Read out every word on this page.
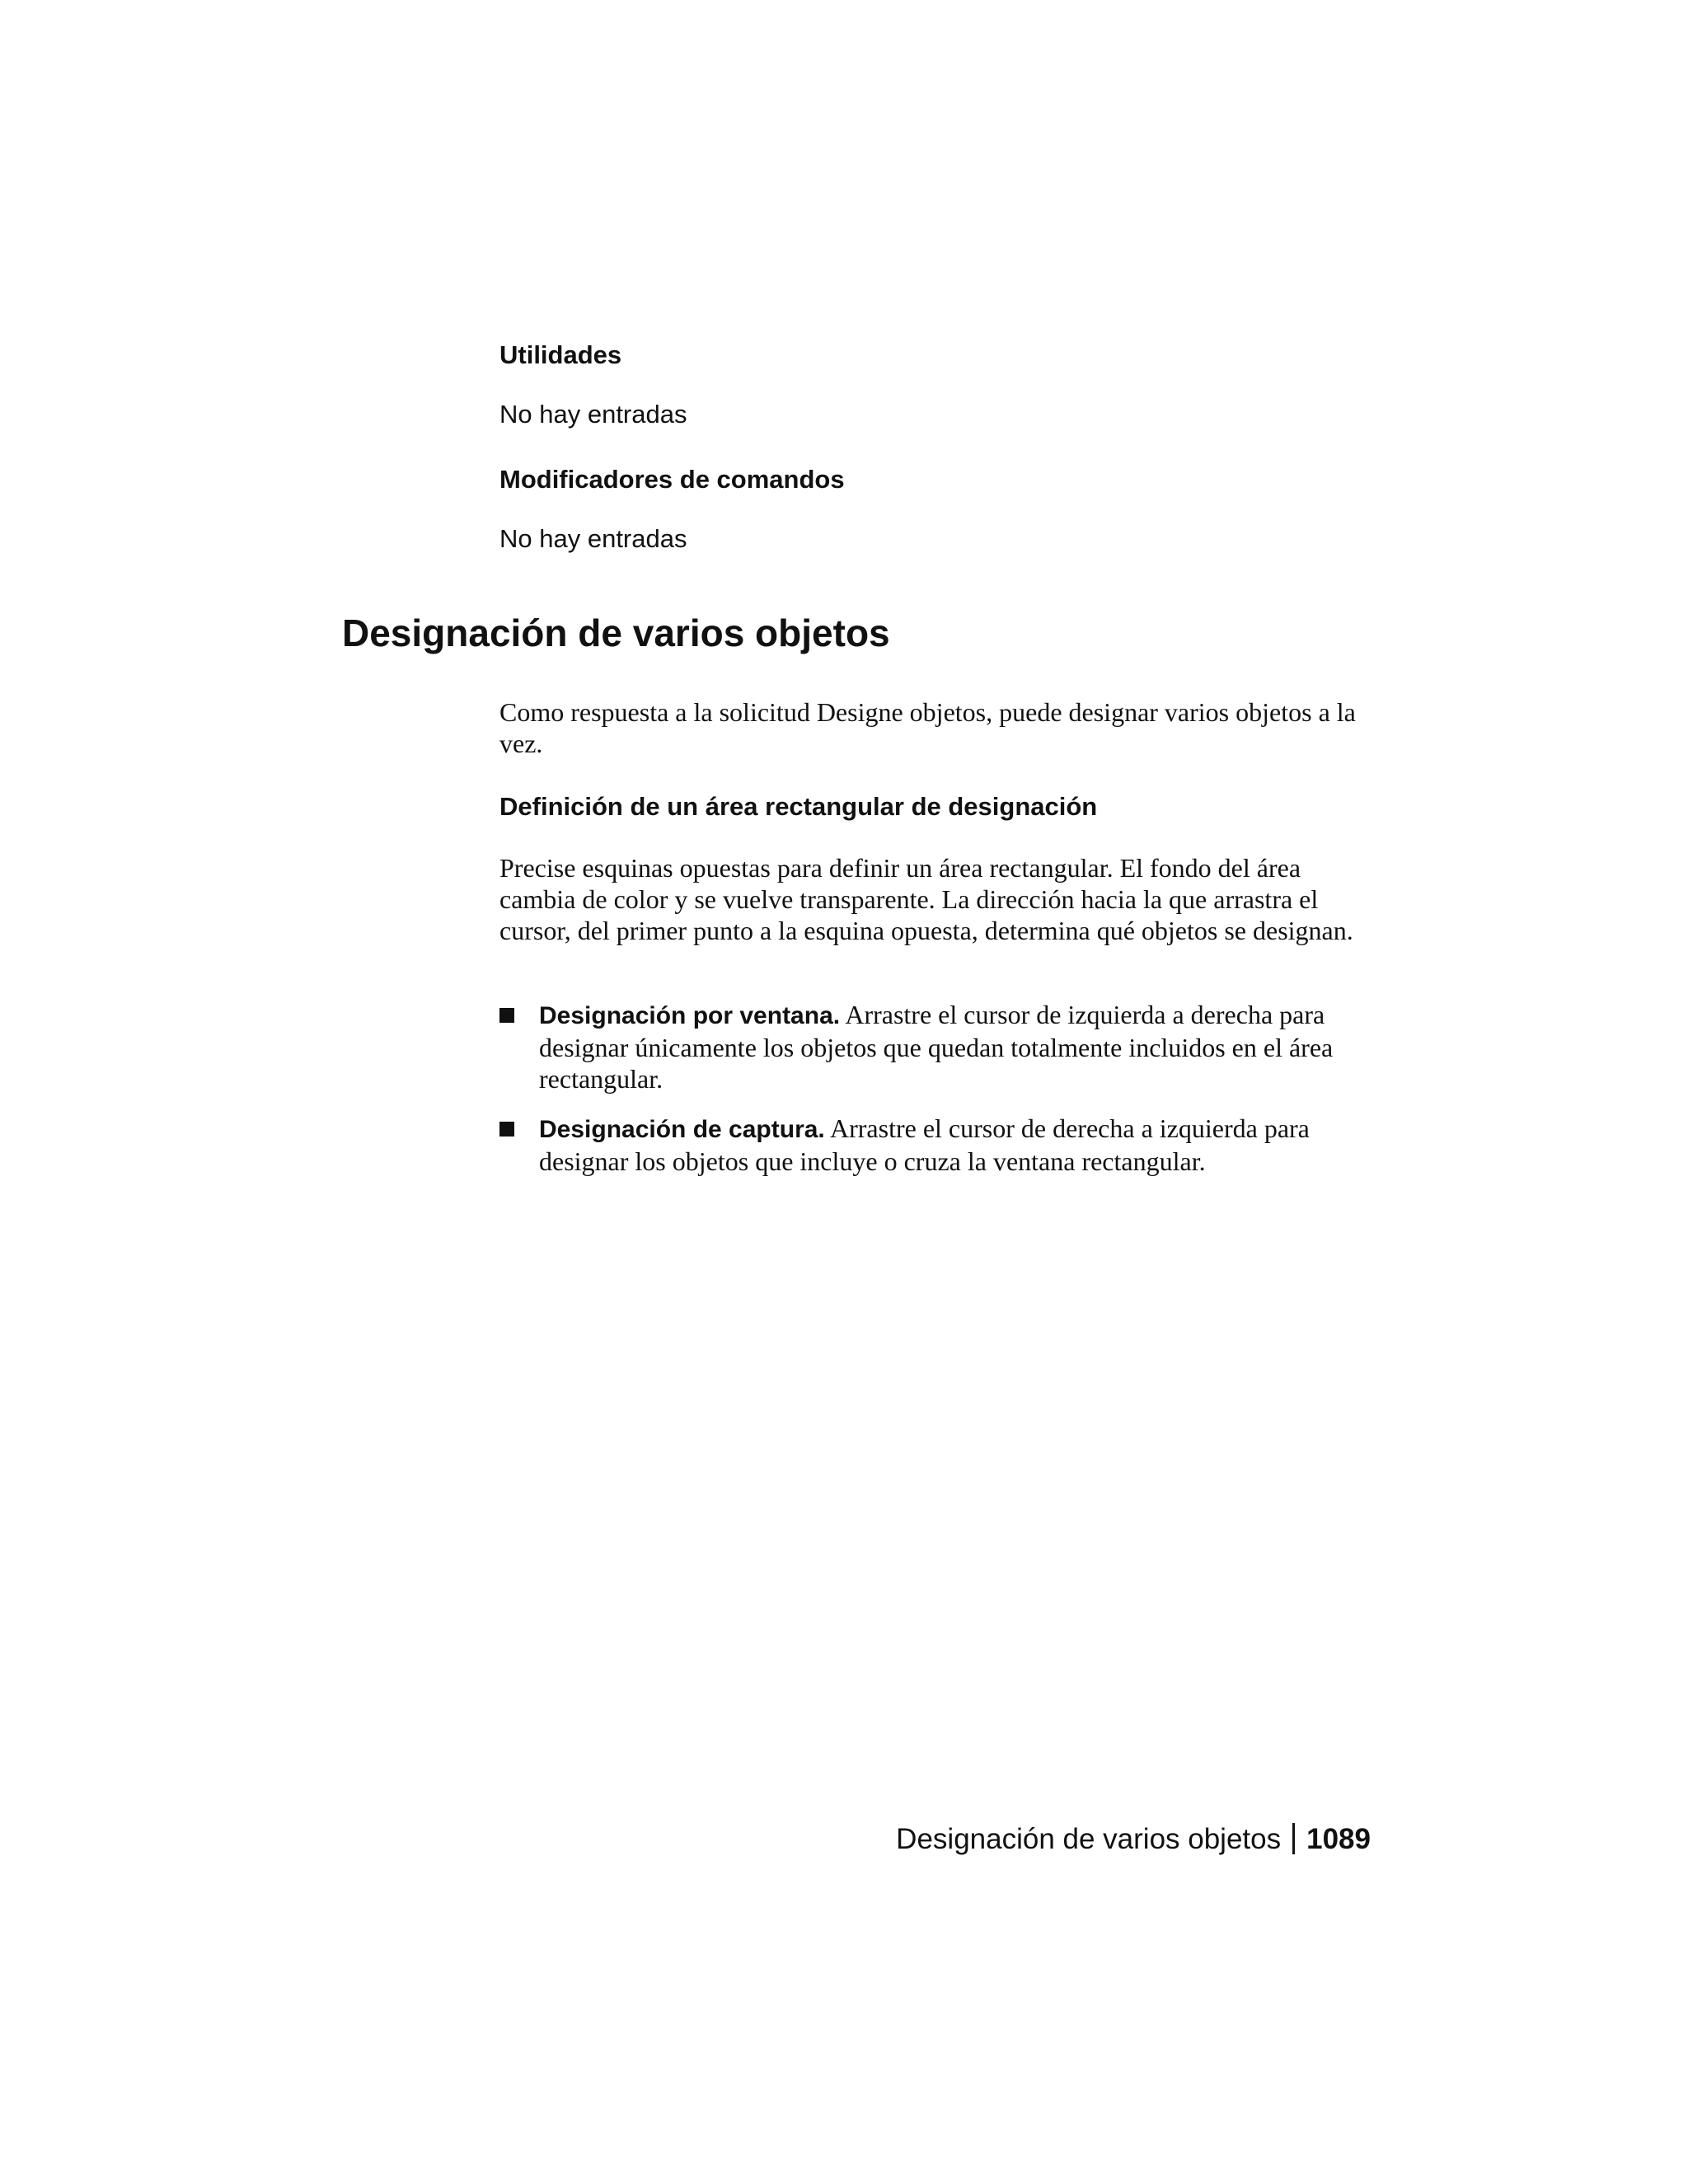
Utilidades

No hay entradas

Modificadores de comandos

No hay entradas

Designación de varios objetos

Como respuesta a la solicitud Designe objetos, puede designar varios objetos a la vez.

Definición de un área rectangular de designación

Precise esquinas opuestas para definir un área rectangular. El fondo del área cambia de color y se vuelve transparente. La dirección hacia la que arrastra el cursor, del primer punto a la esquina opuesta, determina qué objetos se designan.

Designación por ventana. Arrastre el cursor de izquierda a derecha para designar únicamente los objetos que quedan totalmente incluidos en el área rectangular.
Designación de captura. Arrastre el cursor de derecha a izquierda para designar los objetos que incluye o cruza la ventana rectangular.
Designación de varios objetos 1089
